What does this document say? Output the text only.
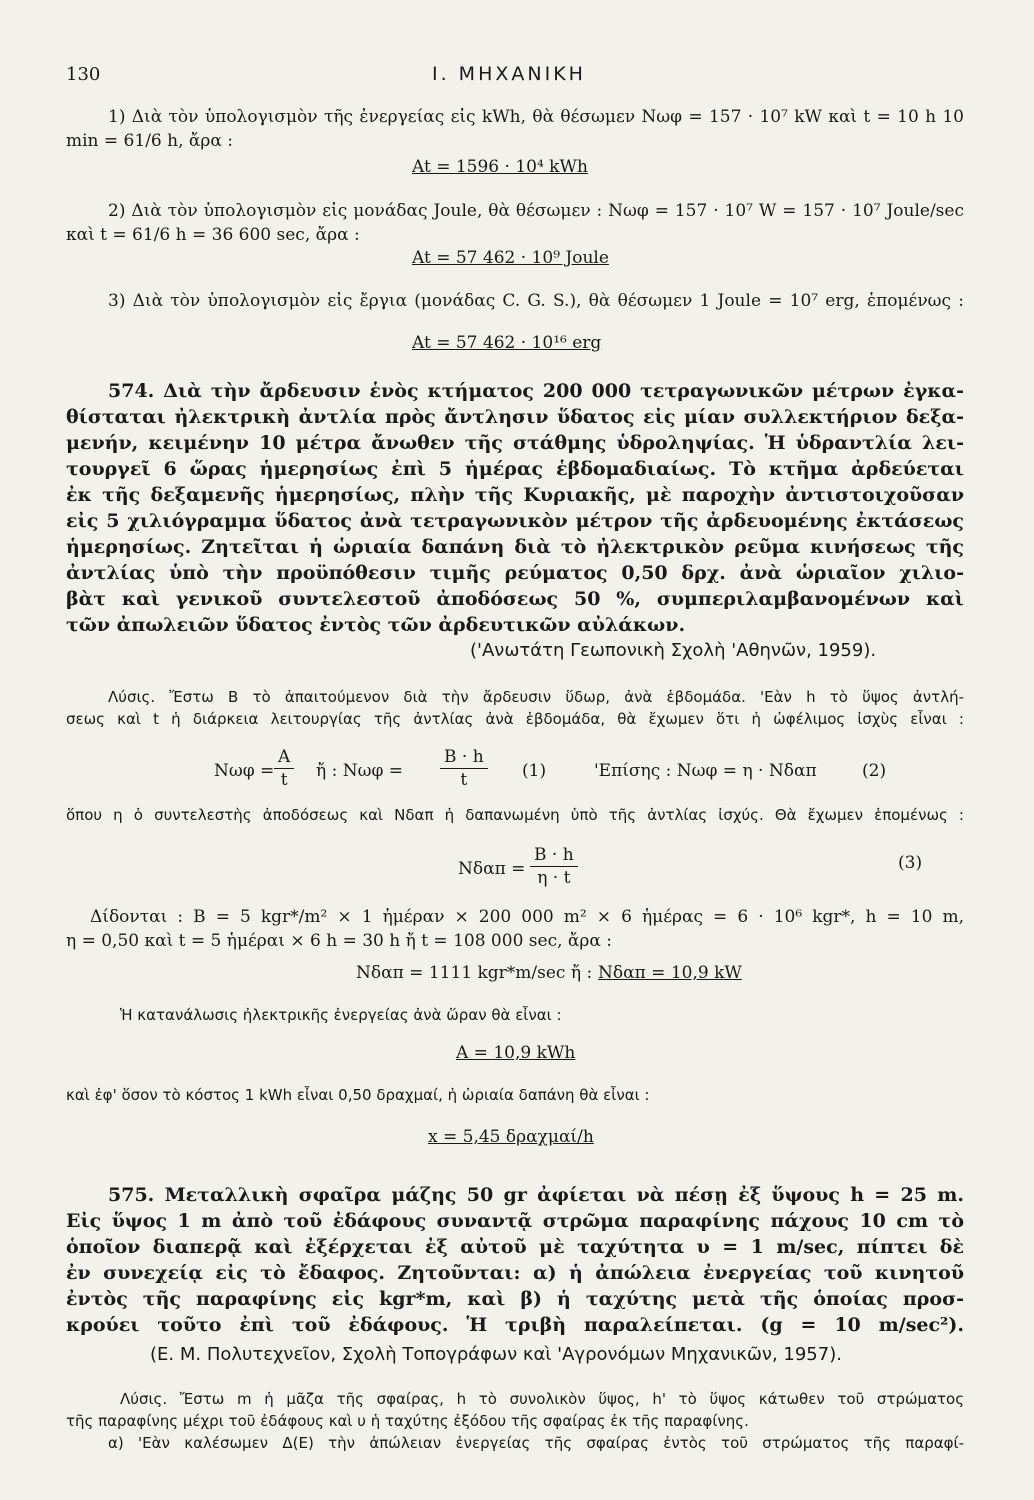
130	I. ΜΗΧΑΝΙΚΗ
1) Διὰ τὸν ὑπολογισμὸν τῆς ἐνεργείας εἰς kWh, θὰ θέσωμεν Nωφ = 157 · 10⁷ kW καὶ t = 10 h 10
min = 61/6 h, ἄρα :
At = 1596 · 10⁴ kWh
2) Διὰ τὸν ὑπολογισμὸν εἰς μονάδας Joule, θὰ θέσωμεν : Nωφ = 157 · 10⁷ W = 157 · 10⁷ Joule/sec
καὶ t = 61/6 h = 36 600 sec, ἄρα :
At = 57 462 · 10⁹ Joule
3) Διὰ τὸν ὑπολογισμὸν εἰς ἔργια (μονάδας C. G. S.), θὰ θέσωμεν 1 Joule = 10⁷ erg, ἑπομένως :
At = 57 462 · 10¹⁶ erg
574. Διὰ τὴν ἄρδευσιν ἑνὸς κτήματος 200 000 τετραγωνικῶν μέτρων ἐγκα-
θίσταται ἠλεκτρικὴ ἀντλία πρὸς ἄντλησιν ὕδατος εἰς μίαν συλλεκτήριον δεξα-
μενήν, κειμένην 10 μέτρα ἄνωθεν τῆς στάθμης ὑδροληψίας. Ἡ ὑδραντλία λει-
τουργεῖ 6 ὥρας ἡμερησίως ἐπὶ 5 ἡμέρας ἑβδομαδιαίως. Τὸ κτῆμα ἀρδεύεται
ἐκ τῆς δεξαμενῆς ἡμερησίως, πλὴν τῆς Κυριακῆς, μὲ παροχὴν ἀντιστοιχοῦσαν
εἰς 5 χιλιόγραμμα ὕδατος ἀνὰ τετραγωνικὸν μέτρον τῆς ἀρδευομένης ἐκτάσεως
ἡμερησίως. Ζητεῖται ἡ ὡριαία δαπάνη διὰ τὸ ἠλεκτρικὸν ρεῦμα κινήσεως τῆς
ἀντλίας ὑπὸ τὴν προϋπόθεσιν τιμῆς ρεύματος 0,50 δρχ. ἀνὰ ὡριαῖον χιλιο-
βὰτ καὶ γενικοῦ συντελεστοῦ ἀποδόσεως 50 %, συμπεριλαμβανομένων καὶ
τῶν ἀπωλειῶν ὕδατος ἐντὸς τῶν ἀρδευτικῶν αὐλάκων.
('Ανωτάτη Γεωπονικὴ Σχολὴ 'Αθηνῶν, 1959).
Λύσις. Ἔστω B τὸ ἀπαιτούμενον διὰ τὴν ἄρδευσιν ὕδωρ, ἀνὰ ἑβδομάδα. 'Εὰν h τὸ ὕψος ἀντλή-
σεως καὶ t ἡ διάρκεια λειτουργίας τῆς ἀντλίας ἀνὰ ἑβδομάδα, θὰ ἔχωμεν ὅτι ἡ ὠφέλιμος ἰσχὺς εἶναι :
$N\omega\varphi = \frac{A}{t}$ ἤ : $N\omega\varphi = \frac{B \cdot h}{t} (1)$	'Επίσης : Nωφ = η · Nδαπ	(2)
ὅπου η ὁ συντελεστὴς ἀποδόσεως καὶ Nδαπ ἡ δαπανωμένη ὑπὸ τῆς ἀντλίας ἰσχύς. Θὰ ἔχωμεν ἑπομένως :
$N\delta\alpha\pi = \frac{B \cdot h}{\eta \cdot t}$	(3)
Δίδονται : B = 5 kgr*/m² × 1 ἡμέραν × 200 000 m² × 6 ἡμέρας = 6 · 10⁶ kgr*, h = 10 m,
η = 0,50 καὶ t = 5 ἡμέραι × 6 h = 30 h ἤ t = 108 000 sec, ἄρα :
Nδαπ = 1111 kgr*m/sec ἤ : Nδαπ = 10,9 kW
Ἡ κατανάλωσις ἠλεκτρικῆς ἐνεργείας ἀνὰ ὥραν θὰ εἶναι :
A = 10,9 kWh
καὶ ἐφ' ὅσον τὸ κόστος 1 kWh εἶναι 0,50 δραχμαί, ἡ ὡριαία δαπάνη θὰ εἶναι :
x = 5,45 δραχμαί/h
575. Μεταλλικὴ σφαῖρα μάζης 50 gr ἀφίεται νὰ πέσῃ ἐξ ὕψους h = 25 m.
Εἰς ὕψος 1 m ἀπὸ τοῦ ἐδάφους συναντᾷ στρῶμα παραφίνης πάχους 10 cm τὸ
ὁποῖον διαπερᾷ καὶ ἐξέρχεται ἐξ αὐτοῦ μὲ ταχύτητα υ = 1 m/sec, πίπτει δὲ
ἐν συνεχείᾳ εἰς τὸ ἔδαφος. Ζητοῦνται: α) ἡ ἀπώλεια ἐνεργείας τοῦ κινητοῦ
ἐντὸς τῆς παραφίνης εἰς kgr*m, καὶ β) ἡ ταχύτης μετὰ τῆς ὁποίας προσ-
κρούει τοῦτο ἐπὶ τοῦ ἐδάφους. Ἡ τριβὴ παραλείπεται. (g = 10 m/sec²).
(Ε. Μ. Πολυτεχνεῖον, Σχολὴ Τοπογράφων καὶ 'Αγρονόμων Μηχανικῶν, 1957).
Λύσις. Ἔστω m ἡ μᾶζα τῆς σφαίρας, h τὸ συνολικὸν ὕψος, h' τὸ ὕψος κάτωθεν τοῦ στρώματος
τῆς παραφίνης μέχρι τοῦ ἐδάφους καὶ υ ἡ ταχύτης ἐξόδου τῆς σφαίρας ἐκ τῆς παραφίνης.
α) 'Εὰν καλέσωμεν Δ(Ε) τὴν ἀπώλειαν ἐνεργείας τῆς σφαίρας ἐντὸς τοῦ στρώματος τῆς παραφί-
